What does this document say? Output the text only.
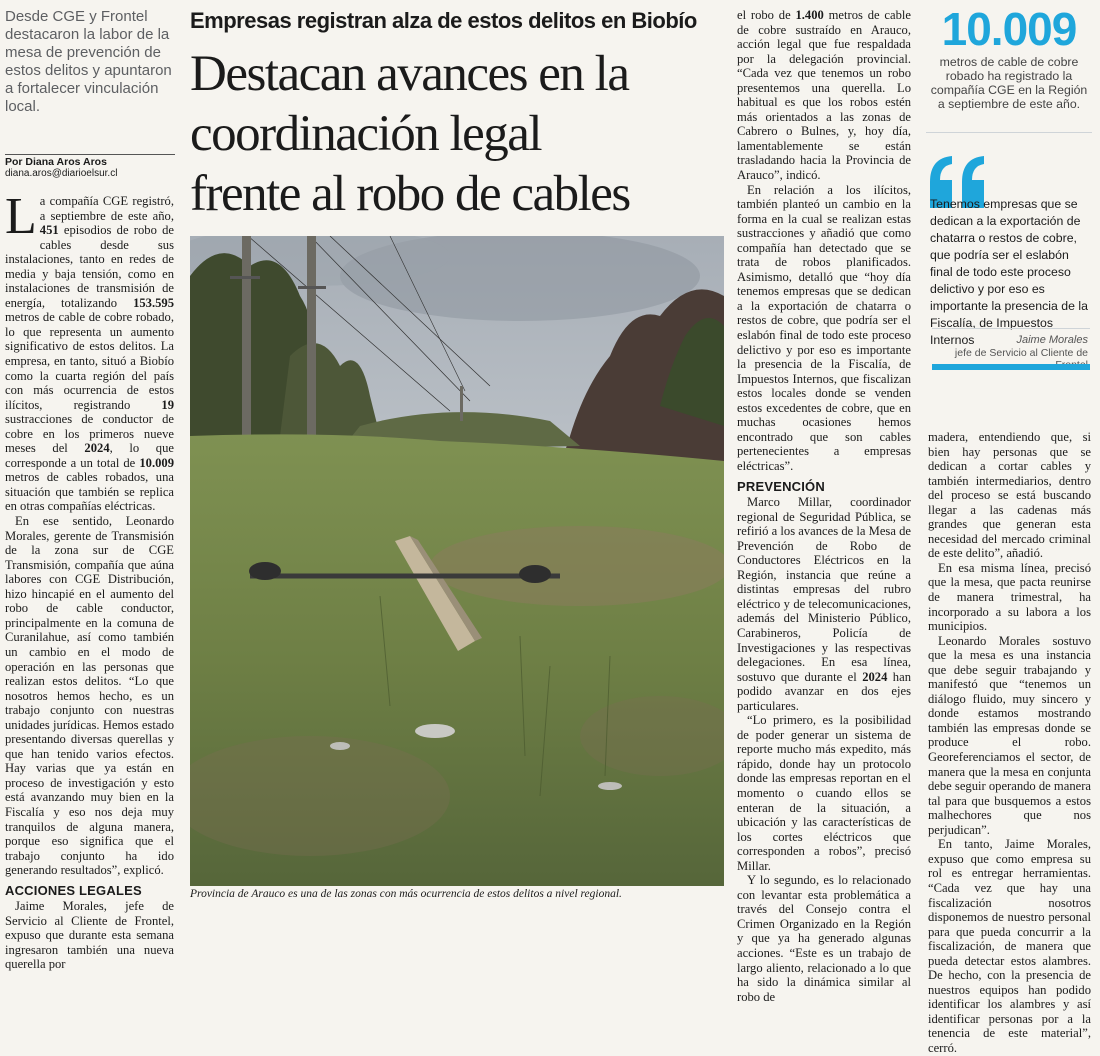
Desde CGE y Frontel destacaron la labor de la mesa de prevención de estos delitos y apuntaron a fortalecer vinculación local.
Por Diana Aros Aros
diana.aros@diarioelsur.cl

La compañía CGE registró, a septiembre de este año, 451 episodios de robo de cables desde sus instalaciones, tanto en redes de media y baja tensión, como en instalaciones de transmisión de energía, totalizando 153.595 metros de cable de cobre robado, lo que representa un aumento significativo de estos delitos. La empresa, en tanto, situó a Biobío como la cuarta región del país con más ocurrencia de estos ilícitos, registrando 19 sustracciones de conductor de cobre en los primeros nueve meses del 2024, lo que corresponde a un total de 10.009 metros de cables robados, una situación que también se replica en otras compañías eléctricas.

En ese sentido, Leonardo Morales, gerente de Transmisión de la zona sur de CGE Transmisión, compañía que aúna labores con CGE Distribución, hizo hincapié en el aumento del robo de cable conductor, principalmente en la comuna de Curanilahue, así como también un cambio en el modo de operación en las personas que realizan estos delitos. “Lo que nosotros hemos hecho, es un trabajo conjunto con nuestras unidades jurídicas. Hemos estado presentando diversas querellas y que han tenido varios efectos. Hay varias que ya están en proceso de investigación y esto está avanzando muy bien en la Fiscalía y eso nos deja muy tranquilos de alguna manera, porque eso significa que el trabajo conjunto ha ido generando resultados”, explicó.

ACCIONES LEGALES

Jaime Morales, jefe de Servicio al Cliente de Frontel, expuso que durante esta semana ingresaron también una nueva querella por

Empresas registran alza de estos delitos en Biobío
Destacan avances en la
coordinación legal
frente al robo de cables
Provincia de Arauco es una de las zonas con más ocurrencia de estos delitos a nivel regional.

el robo de 1.400 metros de cable de cobre sustraído en Arauco, acción legal que fue respaldada por la delegación provincial. “Cada vez que tenemos un robo presentemos una querella. Lo habitual es que los robos estén más orientados a las zonas de Cabrero o Bulnes, y, hoy día, lamentablemente se están trasladando hacia la Provincia de Arauco”, indicó.

En relación a los ilícitos, también planteó un cambio en la forma en la cual se realizan estas sustracciones y añadió que como compañía han detectado que se trata de robos planificados. Asimismo, detalló que “hoy día tenemos empresas que se dedican a la exportación de chatarra o restos de cobre, que podría ser el eslabón final de todo este proceso delictivo y por eso es importante la presencia de la Fiscalía, de Impuestos Internos, que fiscalizan estos locales donde se venden estos excedentes de cobre, que en muchas ocasiones hemos encontrado que son cables pertenecientes a empresas eléctricas”.

PREVENCIÓN

Marco Millar, coordinador regional de Seguridad Pública, se refirió a los avances de la Mesa de Prevención de Robo de Conductores Eléctricos en la Región, instancia que reúne a distintas empresas del rubro eléctrico y de telecomunicaciones, además del Ministerio Público, Carabineros, Policía de Investigaciones y las respectivas delegaciones. En esa línea, sostuvo que durante el 2024 han podido avanzar en dos ejes particulares.

“Lo primero, es la posibilidad de poder generar un sistema de reporte mucho más expedito, más rápido, donde hay un protocolo donde las empresas reportan en el momento o cuando ellos se enteran de la situación, a ubicación y las características de los cortes eléctricos que corresponden a robos”, precisó Millar.

Y lo segundo, es lo relacionado con levantar esta problemática a través del Consejo contra el Crimen Organizado en la Región y que ya ha generado algunas acciones. “Este es un trabajo de largo aliento, relacionado a lo que ha sido la dinámica similar al robo de

10.009
metros de cable de cobre robado ha registrado la compañía CGE en la Región a septiembre de este año.
Tenemos empresas que se dedican a la exportación de chatarra o restos de cobre, que podría ser el eslabón final de todo este proceso delictivo y por eso es importante la presencia de la Fiscalía, de Impuestos Internos	Jaime Morales
jefe de Servicio al Cliente de

madera, entendiendo que, si bien hay personas que se dedican a cortar cables y también intermediarios, dentro del proceso se está buscando llegar a las cadenas más grandes que generan esta necesidad del mercado criminal de este delito”, añadió.

En esa misma línea, precisó que la mesa, que pacta reunirse de manera trimestral, ha incorporado a su labora a los municipios.

Leonardo Morales sostuvo que la mesa es una instancia que debe seguir trabajando y manifestó que “tenemos un diálogo fluido, muy sincero y donde estamos mostrando también las empresas donde se produce el robo. Georeferenciamos el sector, de manera que la mesa en conjunta debe seguir operando de manera tal para que busquemos a estos malhechores que nos perjudican”.

En tanto, Jaime Morales, expuso que como empresa su rol es entregar herramientas. “Cada vez que hay una fiscalización nosotros disponemos de nuestro personal para que pueda concurrir a la fiscalización, de manera que pueda detectar estos alambres. De hecho, con la presencia de nuestros equipos han podido identificar los alambres y así identificar personas por a la tenencia de este material”, cerró.
